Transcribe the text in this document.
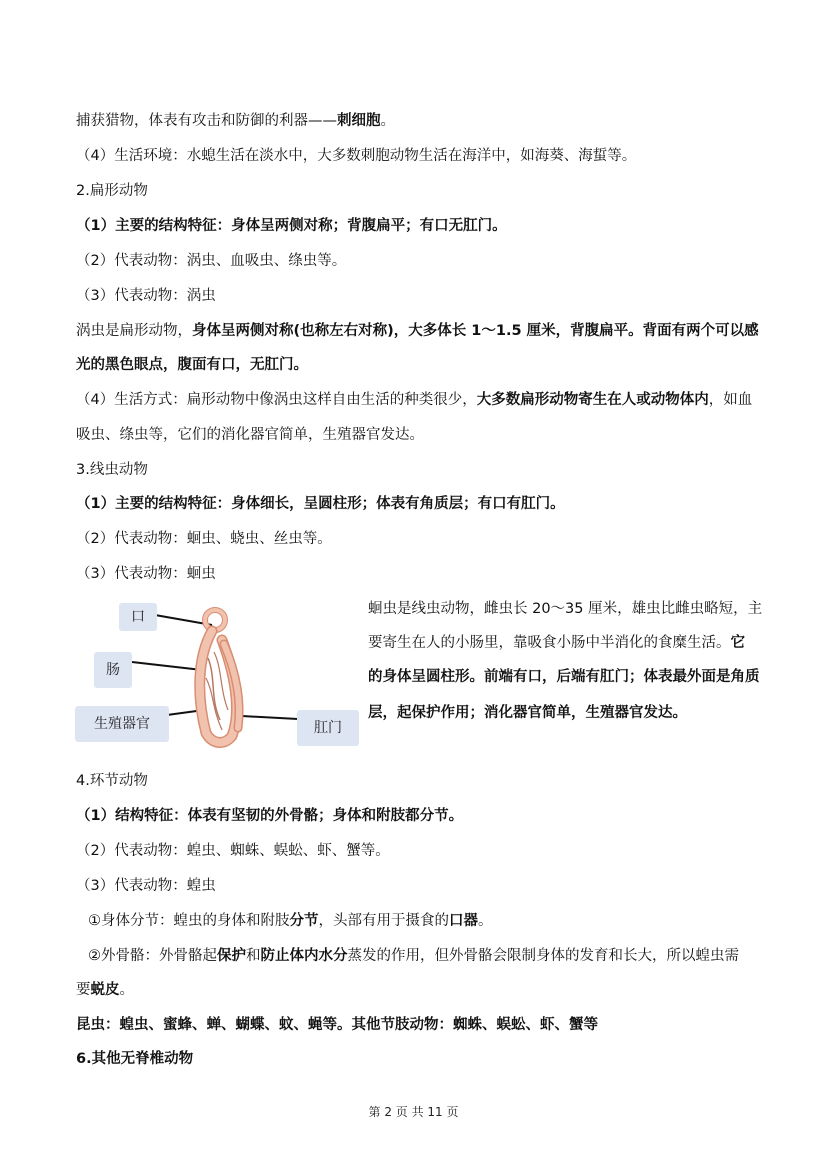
捕获猎物，体表有攻击和防御的利器——刺细胞。
（4）生活环境：水螅生活在淡水中，大多数刺胞动物生活在海洋中，如海葵、海蜇等。
2.扁形动物
（1）主要的结构特征：身体呈两侧对称；背腹扁平；有口无肛门。
（2）代表动物：涡虫、血吸虫、绦虫等。
（3）代表动物：涡虫
涡虫是扁形动物，身体呈两侧对称(也称左右对称)，大多体长 1～1.5 厘米，背腹扁平。背面有两个可以感
光的黑色眼点，腹面有口，无肛门。
（4）生活方式：扁形动物中像涡虫这样自由生活的种类很少，大多数扁形动物寄生在人或动物体内，如血
吸虫、绦虫等，它们的消化器官简单，生殖器官发达。
3.线虫动物
（1）主要的结构特征：身体细长，呈圆柱形；体表有角质层；有口有肛门。
（2）代表动物：蛔虫、蛲虫、丝虫等。
（3）代表动物：蛔虫
口
肠
生殖器官	肛门
蛔虫是线虫动物，雌虫长 20～35 厘米，雄虫比雌虫略短，主
要寄生在人的小肠里，靠吸食小肠中半消化的食糜生活。它
的身体呈圆柱形。前端有口，后端有肛门；体表最外面是角质
层，起保护作用；消化器官简单，生殖器官发达。
4.环节动物
（1）结构特征：体表有坚韧的外骨骼；身体和附肢都分节。
（2）代表动物：蝗虫、蜘蛛、蜈蚣、虾、蟹等。
（3）代表动物：蝗虫
①身体分节：蝗虫的身体和附肢分节，头部有用于摄食的口器。
②外骨骼：外骨骼起保护和防止体内水分蒸发的作用，但外骨骼会限制身体的发育和长大，所以蝗虫需
要蜕皮。
昆虫：蝗虫、蜜蜂、蝉、蝴蝶、蚊、蝇等。其他节肢动物：蜘蛛、蜈蚣、虾、蟹等
6.其他无脊椎动物
第 2 页 共 11 页
